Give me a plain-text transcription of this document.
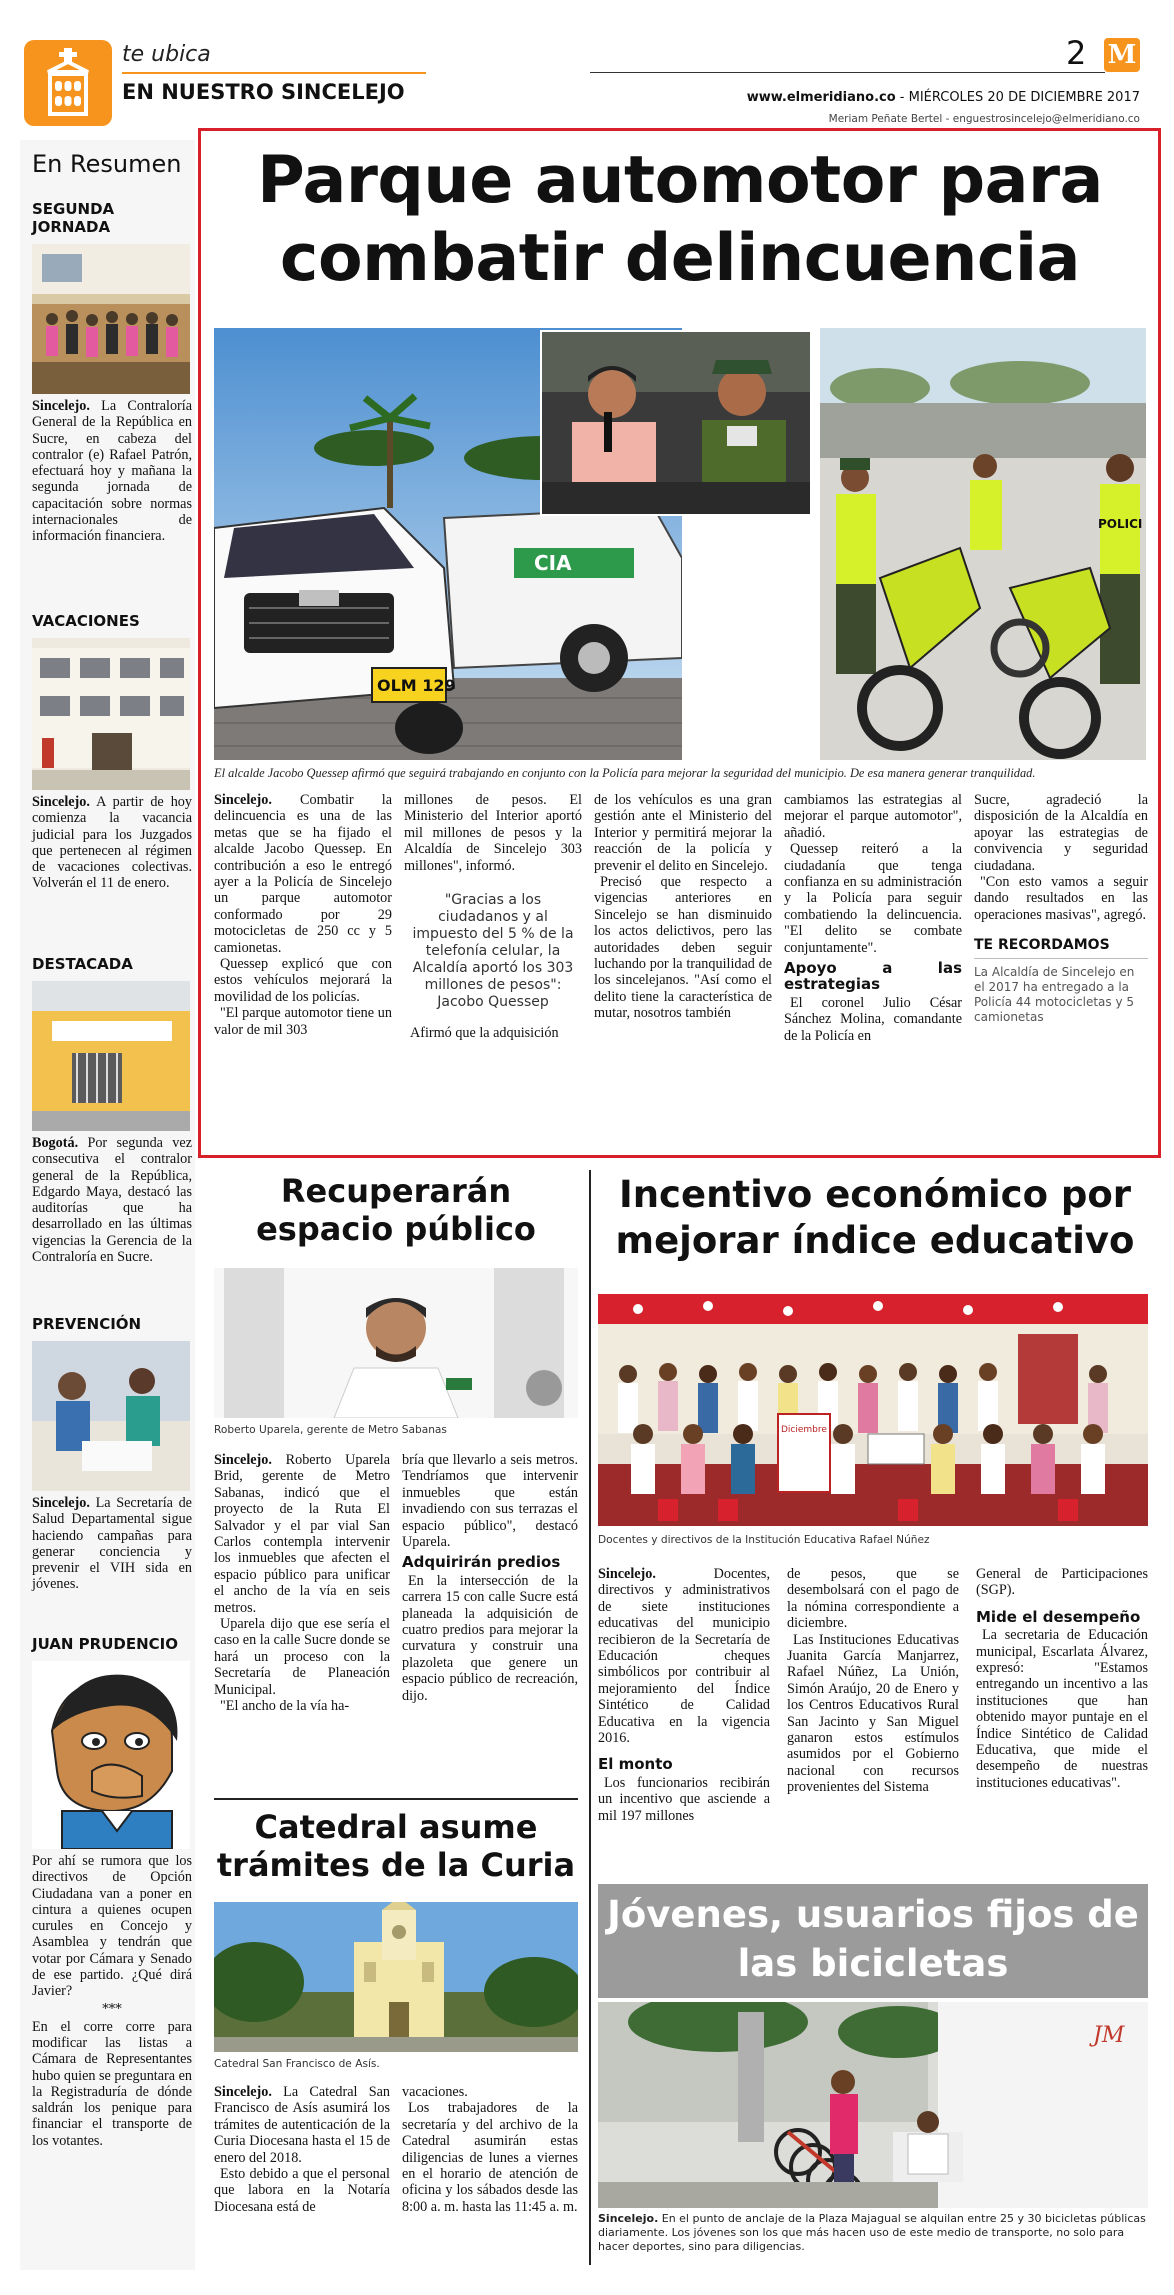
te ubica
EN NUESTRO SINCELEJO
2 M
www.elmeridiano.co - MIÉRCOLES 20 DE DICIEMBRE 2017
Meriam Peñate Bertel - enguestrosincelejo@elmeridiano.co
En Resumen
SEGUNDA
JORNADA
Sincelejo. La Contraloría General de la República en Sucre, en cabeza del contralor (e) Rafael Patrón, efectuará hoy y mañana la segunda jornada de capacitación sobre normas internacionales de información financiera.
VACACIONES
Sincelejo. A partir de hoy comienza la vacancia judicial para los Juzgados que pertenecen al régimen de vacaciones colectivas. Volverán el 11 de enero.
DESTACADA
Bogotá. Por segunda vez consecutiva el contralor general de la República, Edgardo Maya, destacó las auditorías que ha desarrollado en las últimas vigencias la Gerencia de la Contraloría en Sucre.
PREVENCIÓN
Sincelejo. La Secretaría de Salud Departamental sigue haciendo campañas para generar conciencia y prevenir el VIH sida en jóvenes.
JUAN PRUDENCIO
Por ahí se rumora que los directivos de Opción Ciudadana van a poner en cintura a quienes ocupen curules en Concejo y Asamblea y tendrán que votar por Cámara y Senado de ese partido. ¿Qué dirá Javier?
***
En el corre corre para modificar las listas a Cámara de Representantes hubo quien se preguntara en la Registraduría de dónde saldrán los penique para financiar el transporte de los votantes.
Parque automotor para combatir delincuencia
CIA
OLM 129
POLICI
El alcalde Jacobo Quessep afirmó que seguirá trabajando en conjunto con la Policía para mejorar la seguridad del municipio. De esa manera generar tranquilidad.

Sincelejo. Combatir la delincuencia es una de las metas que se ha fijado el alcalde Jacobo Quessep. En contribución a eso le entregó ayer a la Policía de Sincelejo un parque automotor conformado por 29 motocicletas de 250 cc y 5 camionetas.

Quessep explicó que con estos vehículos mejorará la movilidad de los policías.

"El parque automotor tiene un valor de mil 303

millones de pesos. El Ministerio del Interior aportó mil millones de pesos y la Alcaldía de Sincelejo 303 millones", informó.

"Gracias a los ciudadanos y al impuesto del 5 % de la telefonía celular, la Alcaldía aportó los 303 millones de pesos": Jacobo Quessep

Afirmó que la adquisición

de los vehículos es una gran gestión ante el Ministerio del Interior y permitirá mejorar la reacción de la policía y prevenir el delito en Sincelejo.

Precisó que respecto a vigencias anteriores en Sincelejo se han disminuido los actos delictivos, pero las autoridades deben seguir luchando por la tranquilidad de los sincelejanos. "Así como el delito tiene la característica de mutar, nosotros también

cambiamos las estrategias al mejorar el parque automotor", añadió.

Quessep reiteró a la ciudadanía que tenga confianza en su administración y la Policía para seguir combatiendo la delincuencia. "El delito se combate conjuntamente".

Apoyo a las estrategias

El coronel Julio César Sánchez Molina, comandante de la Policía en

Sucre, agradeció la disposición de la Alcaldía en apoyar las estrategias de convivencia y seguridad ciudadana.

"Con esto vamos a seguir dando resultados en las operaciones masivas", agregó.

TE RECORDAMOS
La Alcaldía de Sincelejo en el 2017 ha entregado a la Policía 44 motocicletas y 5 camionetas
Recuperarán espacio público
Roberto Uparela, gerente de Metro Sabanas

Sincelejo. Roberto Uparela Brid, gerente de Metro Sabanas, indicó que el proyecto de la Ruta El Salvador y el par vial San Carlos contempla intervenir los inmuebles que afecten el espacio público para unificar el ancho de la vía en seis metros.

Uparela dijo que ese sería el caso en la calle Sucre donde se hará un proceso con la Secretaría de Planeación Municipal.

"El ancho de la vía ha-

bría que llevarlo a seis metros. Tendríamos que intervenir inmuebles que están invadiendo con sus terrazas el espacio público", destacó Uparela.

Adquirirán predios

En la intersección de la carrera 15 con calle Sucre está planeada la adquisición de cuatro predios para mejorar la curvatura y construir una plazoleta que genere un espacio público de recreación, dijo.

Catedral asume trámites de la Curia
Catedral San Francisco de Asís.

Sincelejo. La Catedral San Francisco de Asís asumirá los trámites de autenticación de la Curia Diocesana hasta el 15 de enero del 2018.

Esto debido a que el personal que labora en la Notaría Diocesana está de

vacaciones.

Los trabajadores de la secretaría y del archivo de la Catedral asumirán estas diligencias de lunes a viernes en el horario de atención de oficina y los sábados desde las 8:00 a. m. hasta las 11:45 a. m.

Incentivo económico por mejorar índice educativo
Diciembre
Docentes y directivos de la Institución Educativa Rafael Núñez

Sincelejo. Docentes, directivos y administrativos de siete instituciones educativas del municipio recibieron de la Secretaría de Educación cheques simbólicos por contribuir al mejoramiento del Índice Sintético de Calidad Educativa en la vigencia 2016.

El monto

Los funcionarios recibirán un incentivo que asciende a mil 197 millones

de pesos, que se desembolsará con el pago de la nómina correspondiente a diciembre.

Las Instituciones Educativas Juanita García Manjarrez, Rafael Núñez, La Unión, Simón Araújo, 20 de Enero y los Centros Educativos Rural San Jacinto y San Miguel ganaron estos estímulos asumidos por el Gobierno nacional con recursos provenientes del Sistema

General de Participaciones (SGP).

Mide el desempeño

La secretaria de Educación municipal, Escarlata Álvarez, expresó: "Estamos entregando un incentivo a las instituciones que han obtenido mayor puntaje en el Índice Sintético de Calidad Educativa, que mide el desempeño de nuestras instituciones educativas".

Jóvenes, usuarios fijos de las bicicletas
JM
Sincelejo. En el punto de anclaje de la Plaza Majagual se alquilan entre 25 y 30 bicicletas públicas diariamente. Los jóvenes son los que más hacen uso de este medio de transporte, no solo para hacer deportes, sino para diligencias.
